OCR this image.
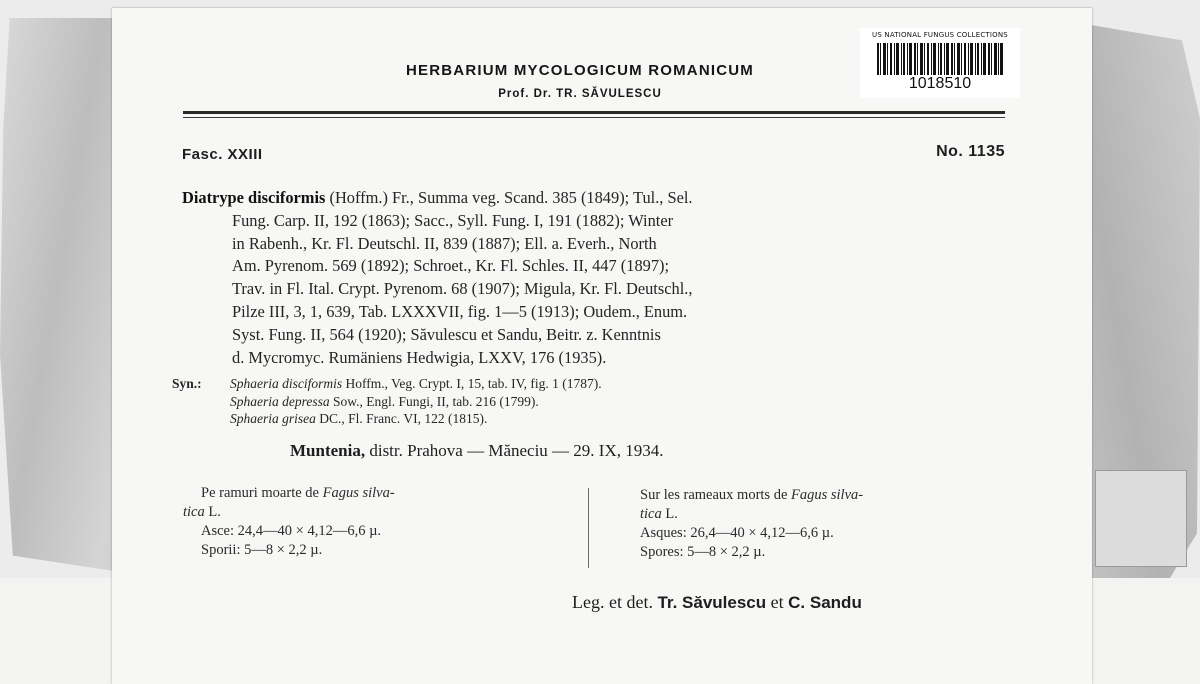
US NATIONAL FUNGUS COLLECTIONS
1018510
HERBARIUM MYCOLOGICUM ROMANICUM
Prof. Dr. TR. SĂVULESCU
Fasc. XXIII	No. 1135
Diatrype disciformis (Hoffm.) Fr., Summa veg. Scand. 385 (1849); Tul., Sel.
Fung. Carp. II, 192 (1863); Sacc., Syll. Fung. I, 191 (1882); Winter
in Rabenh., Kr. Fl. Deutschl. II, 839 (1887); Ell. a. Everh., North
Am. Pyrenom. 569 (1892); Schroet., Kr. Fl. Schles. II, 447 (1897);
Trav. in Fl. Ital. Crypt. Pyrenom. 68 (1907); Migula, Kr. Fl. Deutschl.,
Pilze III, 3, 1, 639, Tab. LXXXVII, fig. 1—5 (1913); Oudem., Enum.
Syst. Fung. II, 564 (1920); Săvulescu et Sandu, Beitr. z. Kenntnis
d. Mycromyc. Rumäniens Hedwigia, LXXV, 176 (1935).
Syn.: Sphaeria disciformis Hoffm., Veg. Crypt. I, 15, tab. IV, fig. 1 (1787).
Sphaeria depressa Sow., Engl. Fungi, II, tab. 216 (1799).
Sphaeria grisea DC., Fl. Franc. VI, 122 (1815).
Muntenia, distr. Prahova — Măneciu — 29. IX, 1934.
Pe ramuri moarte de Fagus silva-
tica L.
Asce: 24,4—40 × 4,12—6,6 µ.
Sporii: 5—8 × 2,2 µ.
Sur les rameaux morts de Fagus silva-
tica L.
Asques: 26,4—40 × 4,12—6,6 µ.
Spores: 5—8 × 2,2 µ.
Leg. et det. Tr. Săvulescu et C. Sandu
